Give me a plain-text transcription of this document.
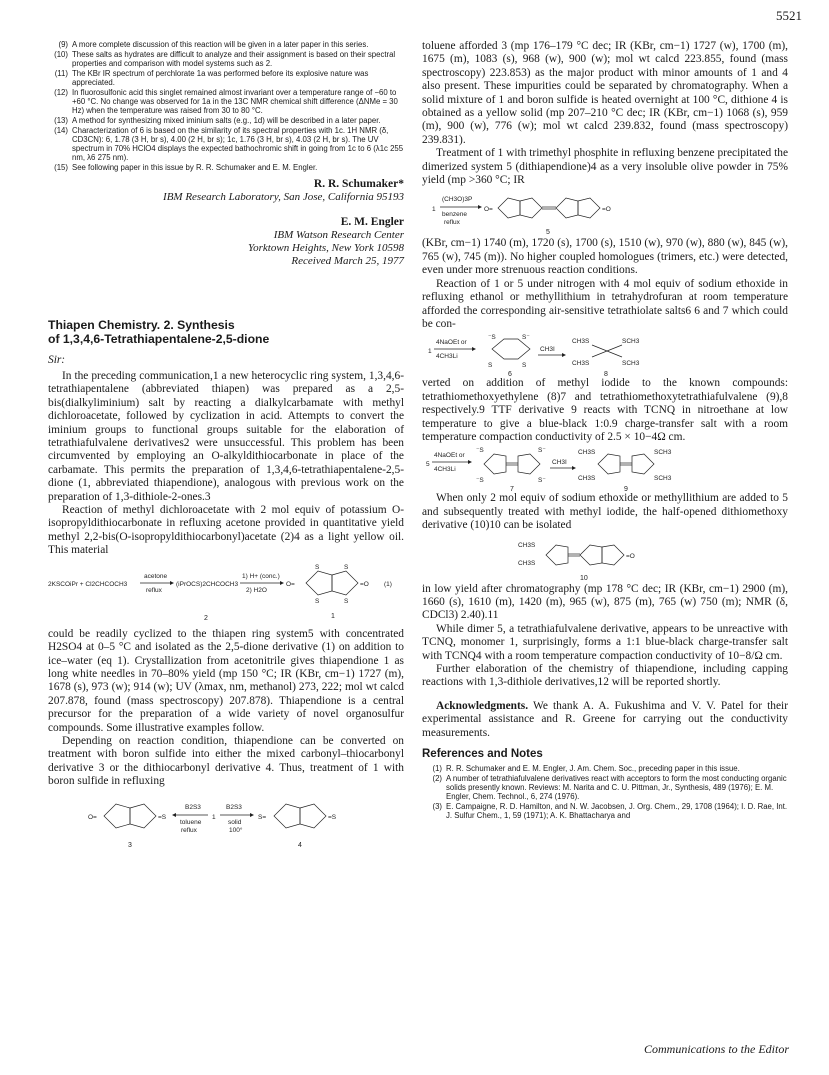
5521
(9) A more complete discussion of this reaction will be given in a later paper in this series.
(10) These salts as hydrates are difficult to analyze and their assignment is based on their spectral properties and comparison with model systems such as 2.
(11) The KBr IR spectrum of perchlorate 1a was performed before its explosive nature was appreciated.
(12) In fluorosulfonic acid this singlet remained almost invariant over a temperature range of −60 to +60 °C. No change was observed for 1a in the 13C NMR chemical shift difference (ΔNMe = 30 Hz) when the temperature was raised from 30 to 80 °C.
(13) A method for synthesizing mixed iminium salts (e.g., 1d) will be described in a later paper.
(14) Characterization of 6 is based on the similarity of its spectral properties with 1c. 1H NMR (δ, CD3CN): 6, 1.78 (3 H, br s), 4.00 (2 H, br s); 1c, 1.76 (3 H, br s), 4.03 (2 H, br s). The UV spectrum in 70% HClO4 displays the expected bathochromic shift in going from 1c to 6 (λ1c 255 nm, λ6 275 nm).
(15) See following paper in this issue by R. R. Schumaker and E. M. Engler.

R. R. Schumaker*

IBM Research Laboratory, San Jose, California 95193

E. M. Engler

IBM Watson Research Center

Yorktown Heights, New York 10598

Received March 25, 1977

Thiapen Chemistry. 2. Synthesis

of 1,3,4,6-Tetrathiapentalene-2,5-dione

Sir:

In the preceding communication,1 a new heterocyclic ring system, 1,3,4,6-tetrathiapentalene (abbreviated thiapen) was prepared as a 2,5-bis(dialkyliminium) salt by reacting a dialkylcarbamate with methyl dichloroacetate, followed by cyclization in acid. Attempts to convert the iminium groups to functional groups suitable for the elaboration of tetrathiafulvalene derivatives2 were unsuccessful. This problem has been circumvented by employing an O-alkyldithiocarbonate in place of the carbamate. This permits the preparation of 1,3,4,6-tetrathiapentalene-2,5-dione (1, abbreviated thiapendione), analogous with previous work on the preparation of 1,3-dithiole-2-ones.3

Reaction of methyl dichloroacetate with 2 mol equiv of potassium O-isopropyldithiocarbonate in refluxing acetone provided in quantitative yield methyl 2,2-bis(O-isopropyldithiocarbonyl)acetate (2)4 as a light yellow oil. This material

2KSCOiPr + Cl2CHCOCH3
acetone
reflux
(iPrOCS)2CHCOCH3
1) H+ (conc.)
2) H2O
O=	=O
S	S
S	S
(1)
1
2

could be readily cyclized to the thiapen ring system5 with concentrated H2SO4 at 0–5 °C and isolated as the 2,5-dione derivative (1) on addition to ice–water (eq 1). Crystallization from acetonitrile gives thiapendione 1 as long white needles in 70–80% yield (mp 150 °C; IR (KBr, cm−1) 1727 (m), 1678 (s), 973 (w); 914 (w); UV (λmax, nm, methanol) 273, 222; mol wt calcd 207.878, found (mass spectroscopy) 207.878). Thiapendione is a central precursor for the preparation of a wide variety of novel organosulfur compounds. Some illustrative examples follow.

Depending on reaction condition, thiapendione can be converted on treatment with boron sulfide into either the mixed carbonyl–thiocarbonyl derivative 3 or the dithiocarbonyl derivative 4. Thus, treatment of 1 with boron sulfide in refluxing

O=	=S
B2S3
toluene
reflux
1
B2S3
solid
100°
S=	=S
3	4

toluene afforded 3 (mp 176–179 °C dec; IR (KBr, cm−1) 1727 (w), 1700 (m), 1675 (m), 1083 (s), 968 (w), 900 (w); mol wt calcd 223.855, found (mass spectroscopy) 223.853) as the major product with minor amounts of 1 and 4 also present. These impurities could be separated by chromatography. When a solid mixture of 1 and boron sulfide is heated overnight at 100 °C, dithione 4 is obtained as a yellow solid (mp 207–210 °C dec; IR (KBr, cm−1) 1068 (s), 959 (m), 900 (w), 776 (w); mol wt calcd 239.832, found (mass spectroscopy) 239.831).

Treatment of 1 with trimethyl phosphite in refluxing benzene precipitated the dimerized system 5 (dithiapendione)4 as a very insoluble olive powder in 75% yield (mp >360 °C; IR

1
(CH3O)3P
benzene
reflux
O=	=O
5

(KBr, cm−1) 1740 (m), 1720 (s), 1700 (s), 1510 (w), 970 (w), 880 (w), 845 (w), 765 (w), 745 (m)). No higher coupled homologues (trimers, etc.) were detected, even under more strenuous reaction conditions.

Reaction of 1 or 5 under nitrogen with 4 mol equiv of sodium ethoxide in refluxing ethanol or methyllithium in tetrahydrofuran at room temperature afforded the corresponding air-sensitive tetrathiolate salts6 6 and 7 which could be con-

1
4NaOEt or
4CH3Li
⁻S	S⁻
S	S
CH3I
CH3S	SCH3
CH3S	SCH3
6	8

verted on addition of methyl iodide to the known compounds: tetrathiomethoxyethylene (8)7 and tetrathiomethoxytetrathiafulvalene (9),8 respectively.9 TTF derivative 9 reacts with TCNQ in nitroethane at low temperature to give a blue-black 1:0.9 charge-transfer salt with a room temperature compaction conductivity of 2.5 × 10−4Ω cm.

5
4NaOEt or
4CH3Li
⁻S	S⁻
⁻S	S⁻
CH3I
CH3S	SCH3
CH3S	SCH3
7	9

When only 2 mol equiv of sodium ethoxide or methyllithium are added to 5 and subsequently treated with methyl iodide, the half-opened dithiomethoxy derivative (10)10 can be isolated

CH3S
CH3S
=O
10

in low yield after chromatography (mp 178 °C dec; IR (KBr, cm−1) 2900 (m), 1660 (s), 1610 (m), 1420 (m), 965 (w), 875 (m), 765 (w) 750 (m); NMR (δ, CDCl3) 2.40).11

While dimer 5, a tetrathiafulvalene derivative, appears to be unreactive with TCNQ, monomer 1, surprisingly, forms a 1:1 blue-black charge-transfer salt with TCNQ4 with a room temperature compaction conductivity of 10−8/Ω cm.

Further elaboration of the chemistry of thiapendione, including capping reactions with 1,3-dithiole derivatives,12 will be reported shortly.

Acknowledgments. We thank A. A. Fukushima and V. V. Patel for their experimental assistance and R. Greene for carrying out the conductivity measurements.

References and Notes

(1) R. R. Schumaker and E. M. Engler, J. Am. Chem. Soc., preceding paper in this issue.
(2) A number of tetrathiafulvalene derivatives react with acceptors to form the most conducting organic solids presently known. Reviews: M. Narita and C. U. Pittman, Jr., Synthesis, 489 (1976); E. M. Engler, Chem. Technol., 6, 274 (1976).
(3) E. Campaigne, R. D. Hamilton, and N. W. Jacobsen, J. Org. Chem., 29, 1708 (1964); I. D. Rae, Int. J. Sulfur Chem., 1, 59 (1971); A. K. Bhattacharya and
Communications to the Editor
